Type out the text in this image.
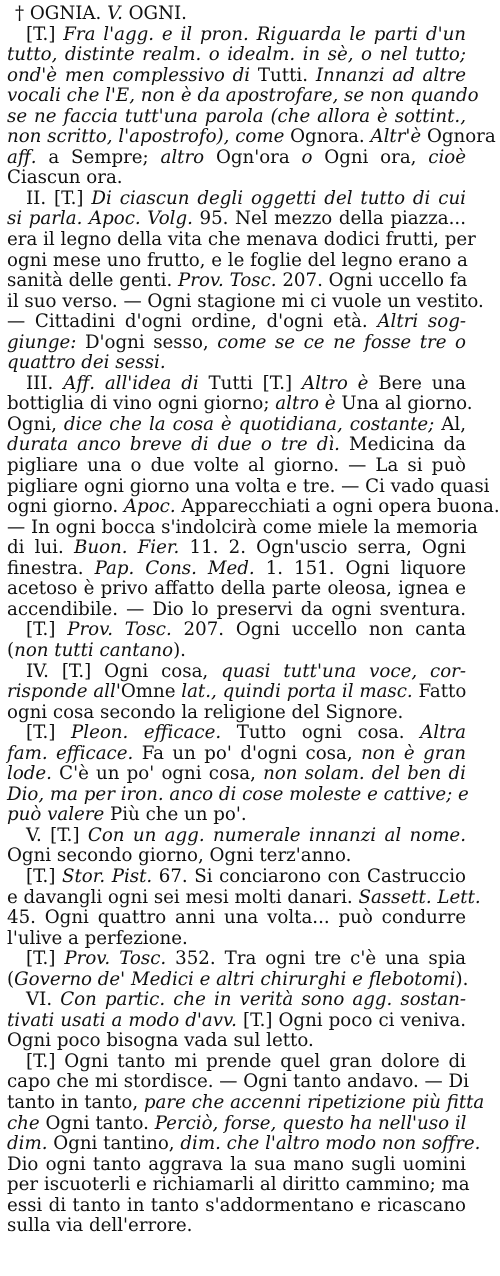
† OGNIA. V. OGNI.
[T.] Fra l'agg. e il pron. Riguarda le parti d'un
tutto, distinte realm. o idealm. in sè, o nel tutto;
ond'è men complessivo di Tutti. Innanzi ad altre
vocali che l'E, non è da apostrofare, se non quando
se ne faccia tutt'una parola (che allora è sottint.,
non scritto, l'apostrofo), come Ognora. Altr'è Ognora
aff. a Sempre; altro Ogn'ora o Ogni ora, cioè
Ciascun ora.
II. [T.] Di ciascun degli oggetti del tutto di cui
si parla. Apoc. Volg. 95. Nel mezzo della piazza...
era il legno della vita che menava dodici frutti, per
ogni mese uno frutto, e le foglie del legno erano a
sanità delle genti. Prov. Tosc. 207. Ogni uccello fa
il suo verso. — Ogni stagione mi ci vuole un vestito.
— Cittadini d'ogni ordine, d'ogni età. Altri sog-
giunge: D'ogni sesso, come se ce ne fosse tre o
quattro dei sessi.
III. Aff. all'idea di Tutti [T.] Altro è Bere una
bottiglia di vino ogni giorno; altro è Una al giorno.
Ogni, dice che la cosa è quotidiana, costante; Al,
durata anco breve di due o tre dì. Medicina da
pigliare una o due volte al giorno. — La si può
pigliare ogni giorno una volta e tre. — Ci vado quasi
ogni giorno. Apoc. Apparecchiati a ogni opera buona.
— In ogni bocca s'indolcirà come miele la memoria
di lui. Buon. Fier. 11. 2. Ogn'uscio serra, Ogni
finestra. Pap. Cons. Med. 1. 151. Ogni liquore
acetoso è privo affatto della parte oleosa, ignea e
accendibile. — Dio lo preservi da ogni sventura.
[T.] Prov. Tosc. 207. Ogni uccello non canta
(non tutti cantano).
IV. [T.] Ogni cosa, quasi tutt'una voce, cor-
risponde all'Omne lat., quindi porta il masc. Fatto
ogni cosa secondo la religione del Signore.
[T.] Pleon. efficace. Tutto ogni cosa. Altra
fam. efficace. Fa un po' d'ogni cosa, non è gran
lode. C'è un po' ogni cosa, non solam. del ben di
Dio, ma per iron. anco di cose moleste e cattive; e
può valere Più che un po'.
V. [T.] Con un agg. numerale innanzi al nome.
Ogni secondo giorno, Ogni terz'anno.
[T.] Stor. Pist. 67. Si conciarono con Castruccio
e davangli ogni sei mesi molti danari. Sassett. Lett.
45. Ogni quattro anni una volta... può condurre
l'ulive a perfezione.
[T.] Prov. Tosc. 352. Tra ogni tre c'è una spia
(Governo de' Medici e altri chirurghi e flebotomi).
VI. Con partic. che in verità sono agg. sostan-
tivati usati a modo d'avv. [T.] Ogni poco ci veniva.
Ogni poco bisogna vada sul letto.
[T.] Ogni tanto mi prende quel gran dolore di
capo che mi stordisce. — Ogni tanto andavo. — Di
tanto in tanto, pare che accenni ripetizione più fitta
che Ogni tanto. Perciò, forse, questo ha nell'uso il
dim. Ogni tantino, dim. che l'altro modo non soffre.
Dio ogni tanto aggrava la sua mano sugli uomini
per iscuoterli e richiamarli al diritto cammino; ma
essi di tanto in tanto s'addormentano e ricascano
sulla via dell'errore.
